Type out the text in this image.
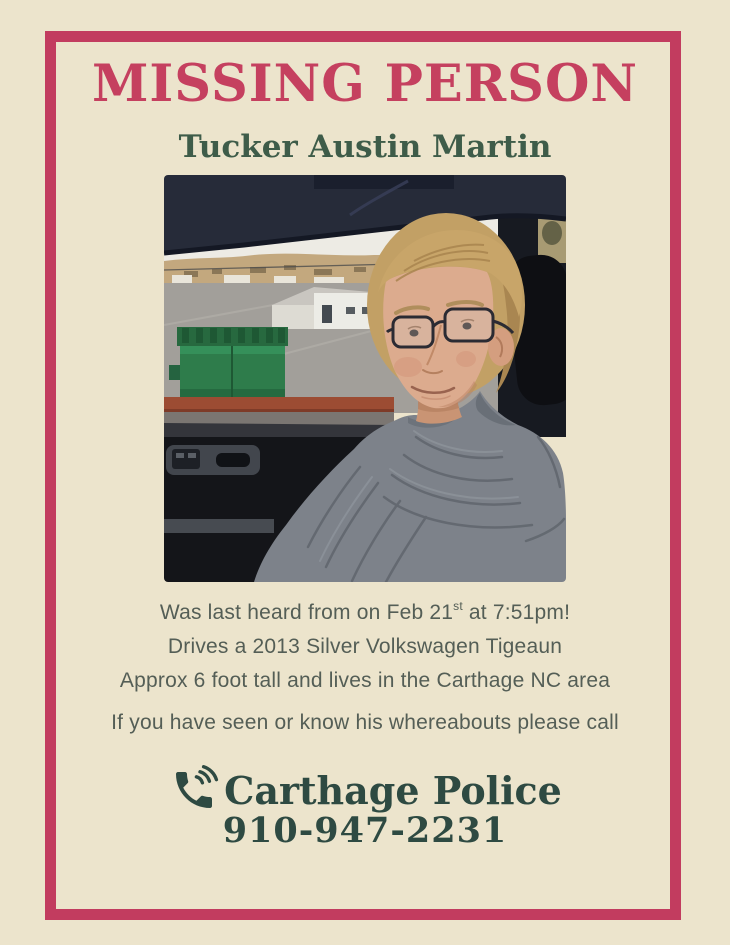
MISSING PERSON
Tucker Austin Martin
Was last heard from on Feb 21st at 7:51pm!
Drives a 2013 Silver Volkswagen Tigeaun
Approx 6 foot tall and lives in the Carthage NC area
If you have seen or know his whereabouts please call
Carthage Police
910-947-2231
